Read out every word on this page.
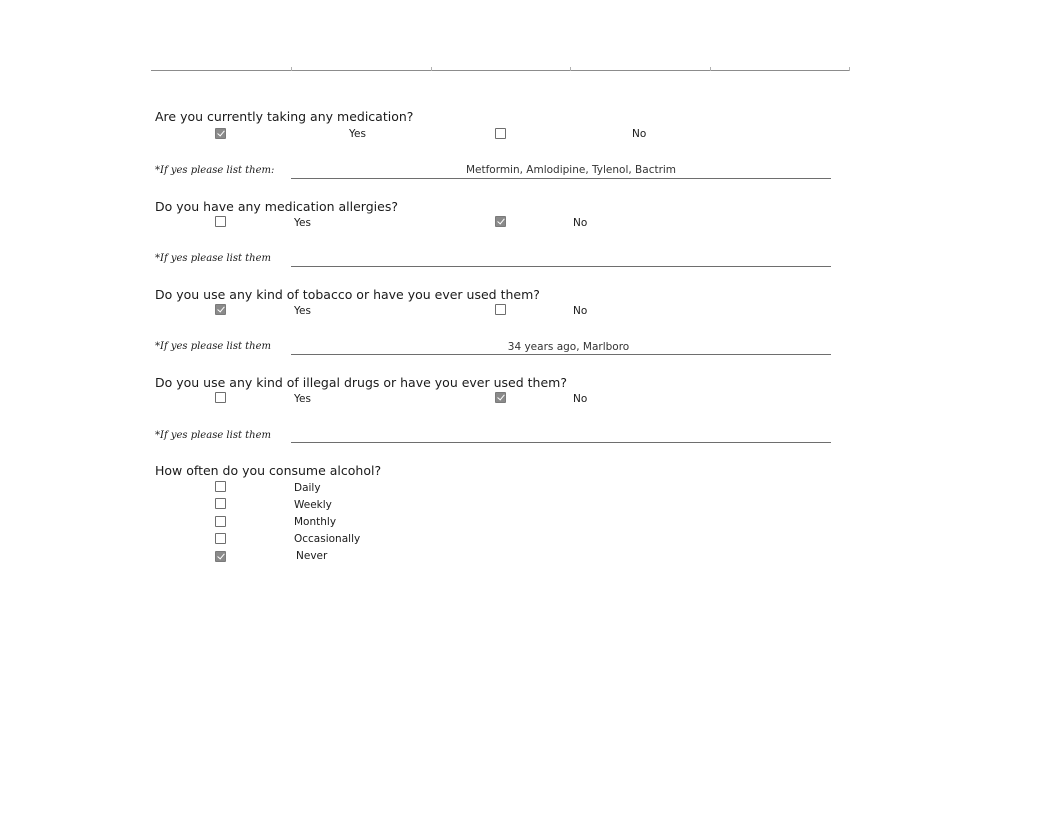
Are you currently taking any medication?
Yes	No
*If yes please list them:	Metformin, Amlodipine, Tylenol, Bactrim
Do you have any medication allergies?
Yes	No
*If yes please list them
Do you use any kind of tobacco or have you ever used them?
Yes	No
*If yes please list them	34 years ago, Marlboro
Do you use any kind of illegal drugs or have you ever used them?
Yes	No
*If yes please list them
How often do you consume alcohol?
Daily
Weekly
Monthly
Occasionally
Never
